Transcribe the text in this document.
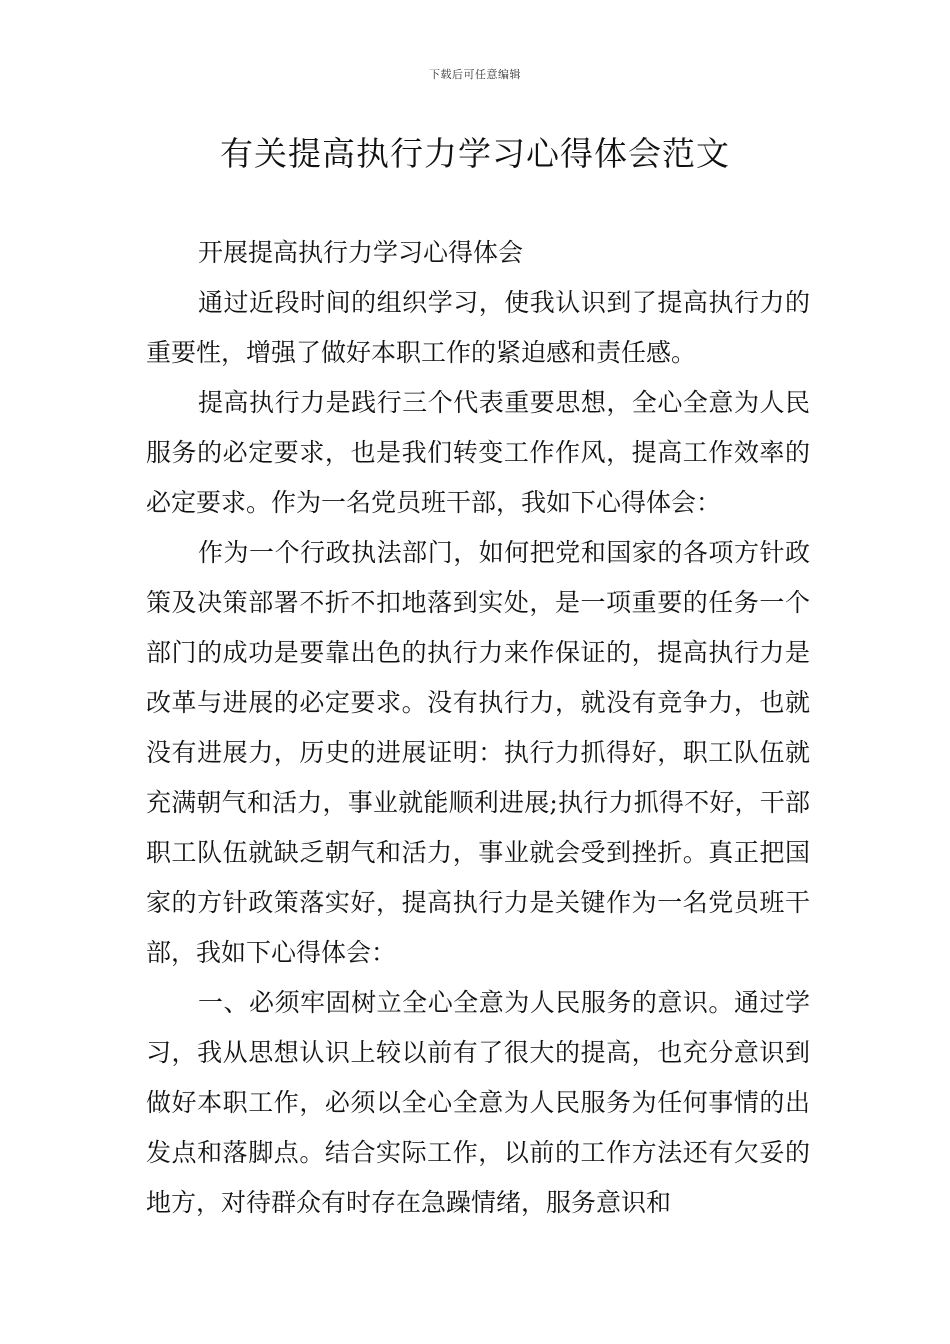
下载后可任意编辑
有关提高执行力学习心得体会范文

开展提高执行力学习心得体会

通过近段时间的组织学习，使我认识到了提高执行力的重要性，增强了做好本职工作的紧迫感和责任感。

提高执行力是践行三个代表重要思想，全心全意为人民服务的必定要求，也是我们转变工作作风，提高工作效率的必定要求。作为一名党员班干部，我如下心得体会：

作为一个行政执法部门，如何把党和国家的各项方针政策及决策部署不折不扣地落到实处，是一项重要的任务一个部门的成功是要靠出色的执行力来作保证的，提高执行力是改革与进展的必定要求。没有执行力，就没有竞争力，也就没有进展力，历史的进展证明：执行力抓得好，职工队伍就充满朝气和活力，事业就能顺利进展;执行力抓得不好，干部职工队伍就缺乏朝气和活力，事业就会受到挫折。真正把国家的方针政策落实好，提高执行力是关键作为一名党员班干部，我如下心得体会：

一、必须牢固树立全心全意为人民服务的意识。通过学习，我从思想认识上较以前有了很大的提高，也充分意识到做好本职工作，必须以全心全意为人民服务为任何事情的出发点和落脚点。结合实际工作，以前的工作方法还有欠妥的地方，对待群众有时存在急躁情绪，服务意识和
